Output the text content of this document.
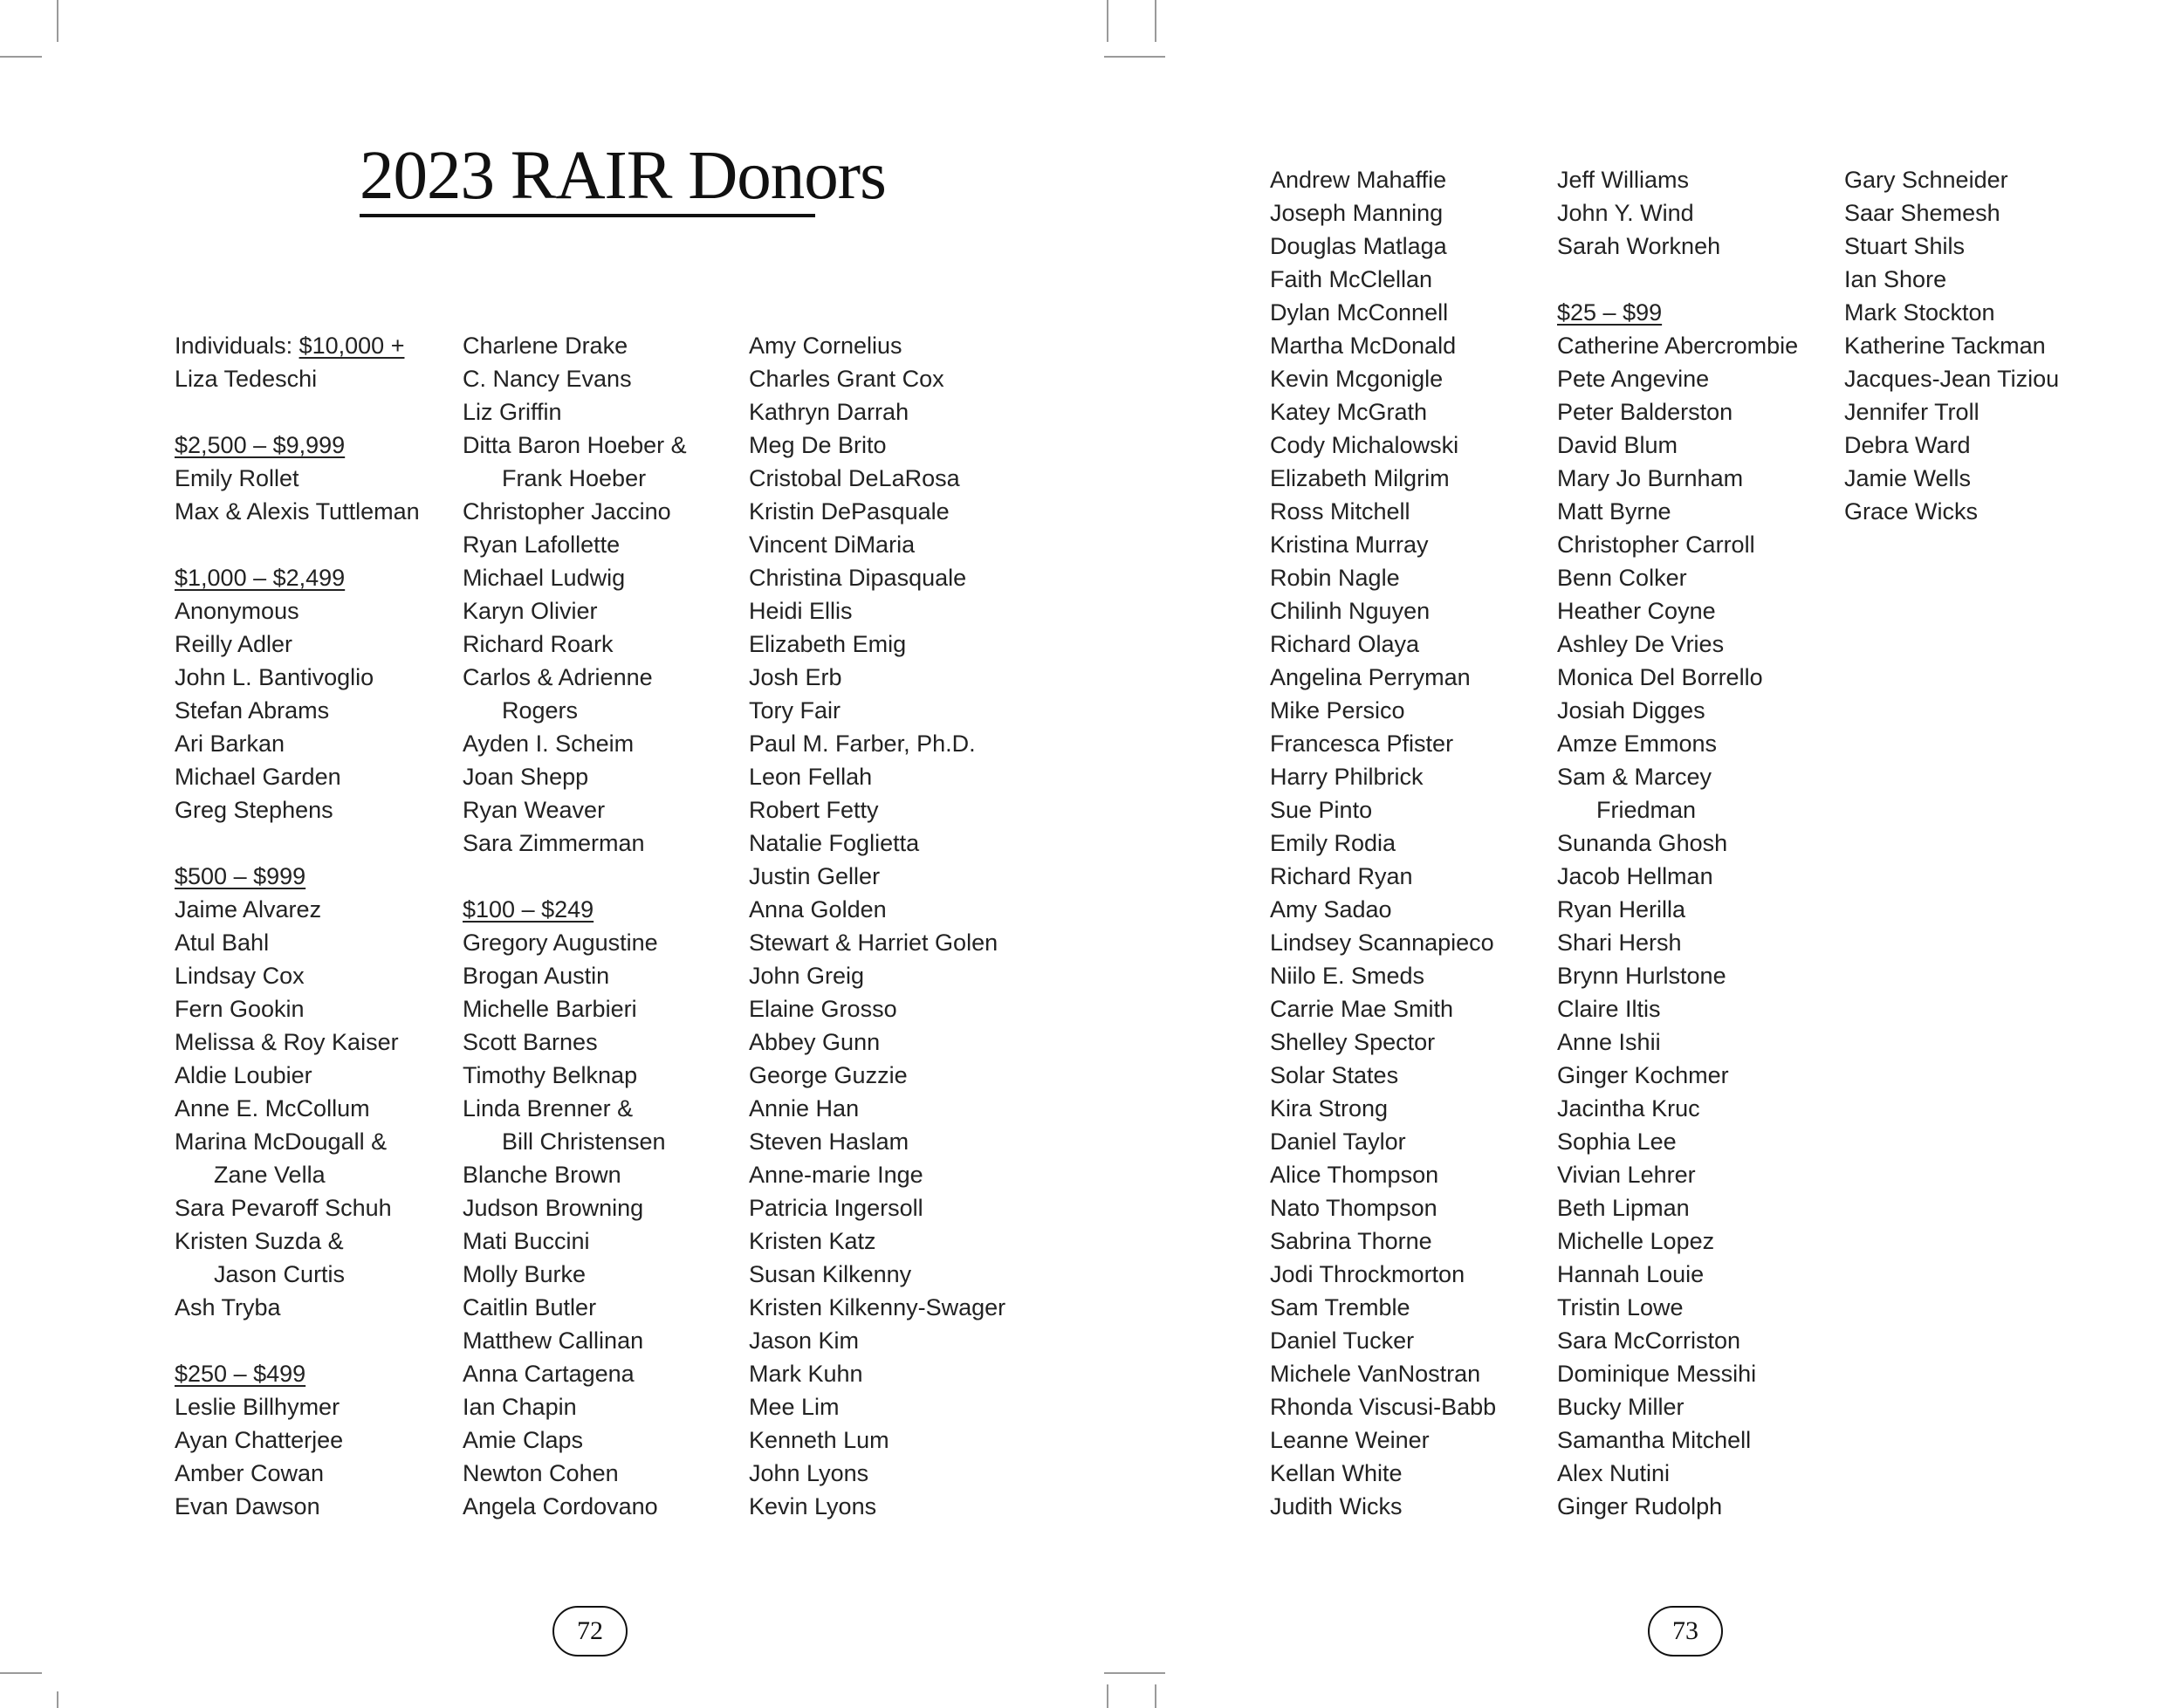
2023 RAIR Donors
Individuals: $10,000 +
Liza Tedeschi
$2,500 – $9,999
Emily Rollet
Max & Alexis Tuttleman
$1,000 – $2,499
Anonymous
Reilly Adler
John L. Bantivoglio
Stefan Abrams
Ari Barkan
Michael Garden
Greg Stephens
$500 – $999
Jaime Alvarez
Atul Bahl
Lindsay Cox
Fern Gookin
Melissa & Roy Kaiser
Aldie Loubier
Anne E. McCollum
Marina McDougall &
Zane Vella
Sara Pevaroff Schuh
Kristen Suzda &
Jason Curtis
Ash Tryba
$250 – $499
Leslie Billhymer
Ayan Chatterjee
Amber Cowan
Evan Dawson
Charlene Drake
C. Nancy Evans
Liz Griffin
Ditta Baron Hoeber &
Frank Hoeber
Christopher Jaccino
Ryan Lafollette
Michael Ludwig
Karyn Olivier
Richard Roark
Carlos & Adrienne
Rogers
Ayden I. Scheim
Joan Shepp
Ryan Weaver
Sara Zimmerman
$100 – $249
Gregory Augustine
Brogan Austin
Michelle Barbieri
Scott Barnes
Timothy Belknap
Linda Brenner &
Bill Christensen
Blanche Brown
Judson Browning
Mati Buccini
Molly Burke
Caitlin Butler
Matthew Callinan
Anna Cartagena
Ian Chapin
Amie Claps
Newton Cohen
Angela Cordovano
Amy Cornelius
Charles Grant Cox
Kathryn Darrah
Meg De Brito
Cristobal DeLaRosa
Kristin DePasquale
Vincent DiMaria
Christina Dipasquale
Heidi Ellis
Elizabeth Emig
Josh Erb
Tory Fair
Paul M. Farber, Ph.D.
Leon Fellah
Robert Fetty
Natalie Foglietta
Justin Geller
Anna Golden
Stewart & Harriet Golen
John Greig
Elaine Grosso
Abbey Gunn
George Guzzie
Annie Han
Steven Haslam
Anne-marie Inge
Patricia Ingersoll
Kristen Katz
Susan Kilkenny
Kristen Kilkenny-Swager
Jason Kim
Mark Kuhn
Mee Lim
Kenneth Lum
John Lyons
Kevin Lyons
72
Andrew Mahaffie
Joseph Manning
Douglas Matlaga
Faith McClellan
Dylan McConnell
Martha McDonald
Kevin Mcgonigle
Katey McGrath
Cody Michalowski
Elizabeth Milgrim
Ross Mitchell
Kristina Murray
Robin Nagle
Chilinh Nguyen
Richard Olaya
Angelina Perryman
Mike Persico
Francesca Pfister
Harry Philbrick
Sue Pinto
Emily Rodia
Richard Ryan
Amy Sadao
Lindsey Scannapieco
Niilo E. Smeds
Carrie Mae Smith
Shelley Spector
Solar States
Kira Strong
Daniel Taylor
Alice Thompson
Nato Thompson
Sabrina Thorne
Jodi Throckmorton
Sam Tremble
Daniel Tucker
Michele VanNostran
Rhonda Viscusi-Babb
Leanne Weiner
Kellan White
Judith Wicks
Jeff Williams
John Y. Wind
Sarah Workneh
$25 – $99
Catherine Abercrombie
Pete Angevine
Peter Balderston
David Blum
Mary Jo Burnham
Matt Byrne
Christopher Carroll
Benn Colker
Heather Coyne
Ashley De Vries
Monica Del Borrello
Josiah Digges
Amze Emmons
Sam & Marcey
Friedman
Sunanda Ghosh
Jacob Hellman
Ryan Herilla
Shari Hersh
Brynn Hurlstone
Claire Iltis
Anne Ishii
Ginger Kochmer
Jacintha Kruc
Sophia Lee
Vivian Lehrer
Beth Lipman
Michelle Lopez
Hannah Louie
Tristin Lowe
Sara McCorriston
Dominique Messihi
Bucky Miller
Samantha Mitchell
Alex Nutini
Ginger Rudolph
Gary Schneider
Saar Shemesh
Stuart Shils
Ian Shore
Mark Stockton
Katherine Tackman
Jacques-Jean Tiziou
Jennifer Troll
Debra Ward
Jamie Wells
Grace Wicks
73
